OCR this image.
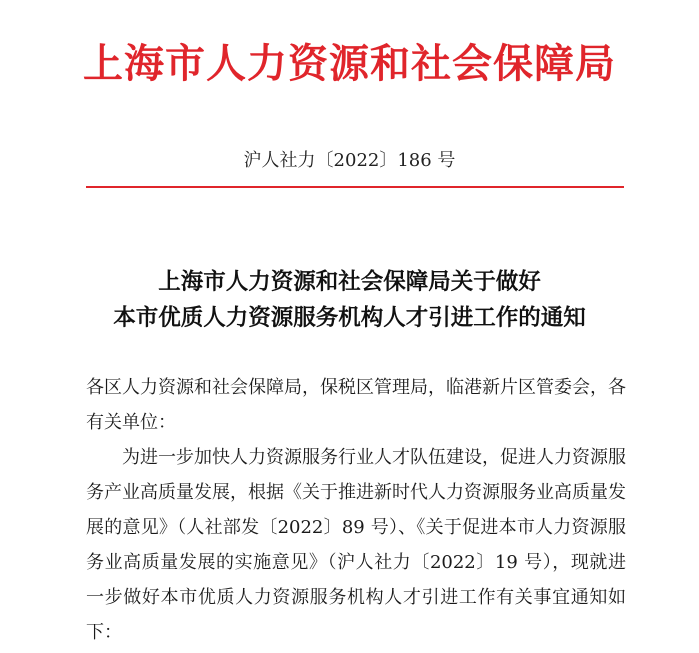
上海市人力资源和社会保障局
沪人社力〔2022〕186 号
上海市人力资源和社会保障局关于做好
本市优质人力资源服务机构人才引进工作的通知

各区人力资源和社会保障局，保税区管理局，临港新片区管委会，各有关单位：

为进一步加快人力资源服务行业人才队伍建设，促进人力资源服务产业高质量发展，根据《关于推进新时代人力资源服务业高质量发展的意见》（人社部发〔2022〕89 号）、《关于促进本市人力资源服务业高质量发展的实施意见》（沪人社力〔2022〕19 号），现就进一步做好本市优质人力资源服务机构人才引进工作有关事宜通知如下：
